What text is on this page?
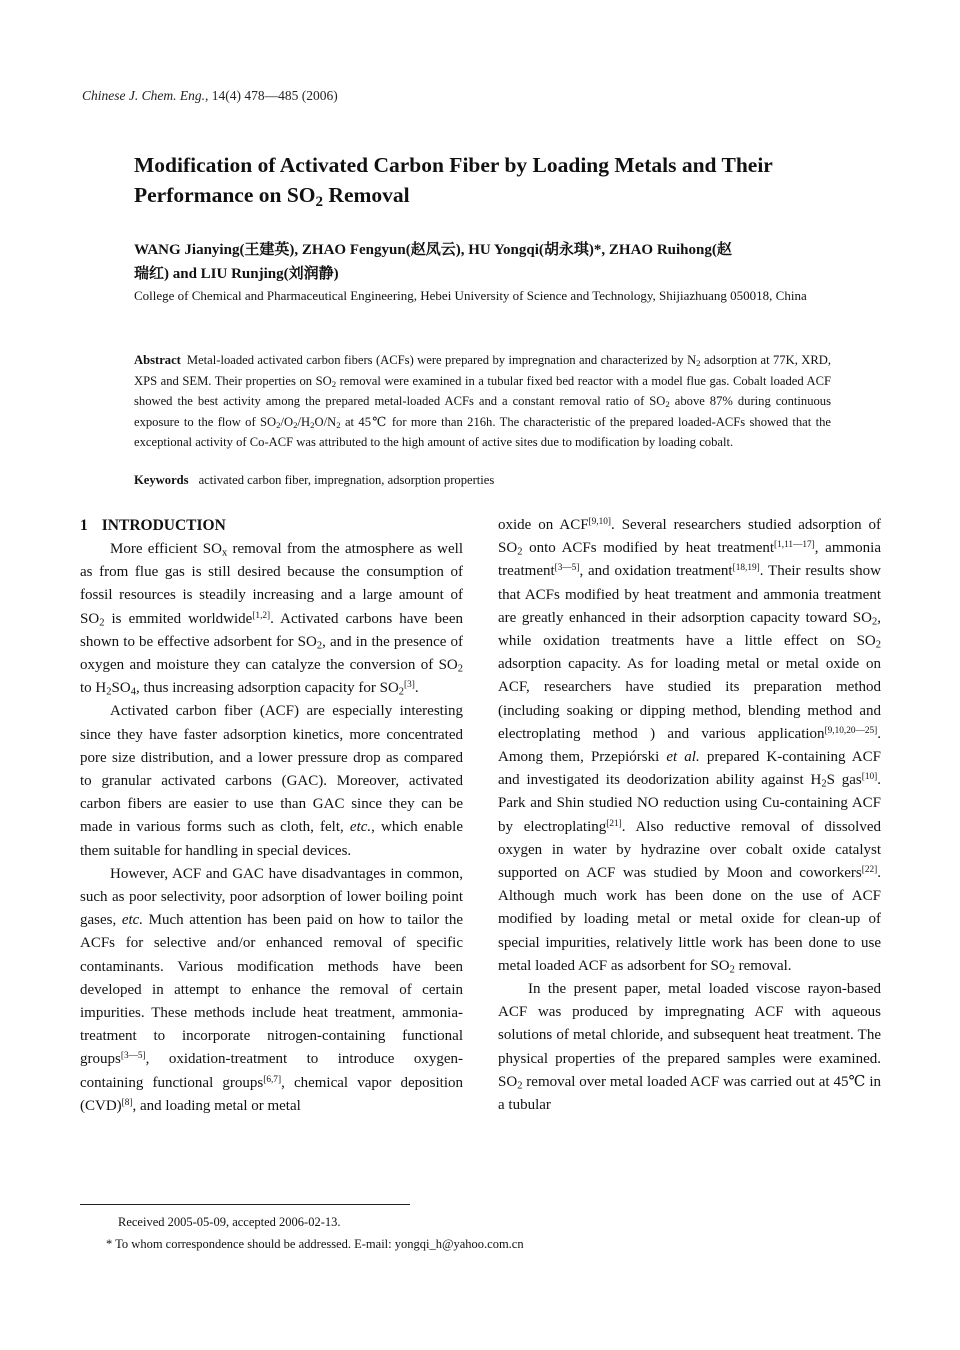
Chinese J. Chem. Eng., 14(4) 478—485 (2006)
Modification of Activated Carbon Fiber by Loading Metals and Their
Performance on $SO_2$ Removal
WANG Jianying(王建英), ZHAO Fengyun(赵凤云), HU Yongqi(胡永琪)*, ZHAO Ruihong(赵
瑞红) and LIU Runjing(刘润静)
College of Chemical and Pharmaceutical Engineering, Hebei University of Science and Technology, Shijiazhuang 050018, China
Abstract Metal-loaded activated carbon fibers (ACFs) were prepared by impregnation and characterized by $N_2$ adsorption at 77K, XRD, XPS and SEM. Their properties on $SO_2$ removal were examined in a tubular fixed bed reactor with a model flue gas. Cobalt loaded ACF showed the best activity among the prepared metal-loaded ACFs and a constant removal ratio of $SO_2$ above 87% during continuous exposure to the flow of $SO_2/O_2/H_2O/N_2$ at 45℃ for more than 216h. The characteristic of the prepared loaded-ACFs showed that the exceptional activity of Co-ACF was attributed to the high amount of active sites due to modification by loading cobalt.
Keywords activated carbon fiber, impregnation, adsorption properties
1 INTRODUCTION

More efficient $SO_x$ removal from the atmosphere as well as from flue gas is still desired because the consumption of fossil resources is steadily increasing and a large amount of $SO_2$ is emmited worldwide[1,2]. Activated carbons have been shown to be effective adsorbent for $SO_2$, and in the presence of oxygen and moisture they can catalyze the conversion of $SO_2$ to $H_2SO_4$, thus increasing adsorption capacity for $SO_2[3]$.

Activated carbon fiber (ACF) are especially interesting since they have faster adsorption kinetics, more concentrated pore size distribution, and a lower pressure drop as compared to granular activated carbons (GAC). Moreover, activated carbon fibers are easier to use than GAC since they can be made in various forms such as cloth, felt, etc., which enable them suitable for handling in special devices.

However, ACF and GAC have disadvantages in common, such as poor selectivity, poor adsorption of lower boiling point gases, etc. Much attention has been paid on how to tailor the ACFs for selective and/or enhanced removal of specific contaminants. Various modification methods have been developed in attempt to enhance the removal of certain impurities. These methods include heat treatment, ammonia-treatment to incorporate nitrogen-containing functional groups[3—5], oxidation-treatment to introduce oxygen-containing functional groups[6,7], chemical vapor deposition (CVD)[8], and loading metal or metal

oxide on ACF[9,10]. Several researchers studied adsorption of $SO_2$ onto ACFs modified by heat treatment[1,11—17], ammonia treatment[3—5], and oxidation treatment[18,19]. Their results show that ACFs modified by heat treatment and ammonia treatment are greatly enhanced in their adsorption capacity toward $SO_2$, while oxidation treatments have a little effect on $SO_2$ adsorption capacity. As for loading metal or metal oxide on ACF, researchers have studied its preparation method (including soaking or dipping method, blending method and electroplating method ) and various application[9,10,20—25]. Among them, Przepiórski et al. prepared K-containing ACF and investigated its deodorization ability against $H_2S$ gas[10]. Park and Shin studied NO reduction using Cu-containing ACF by electroplating[21]. Also reductive removal of dissolved oxygen in water by hydrazine over cobalt oxide catalyst supported on ACF was studied by Moon and coworkers[22]. Although much work has been done on the use of ACF modified by loading metal or metal oxide for clean-up of special impurities, relatively little work has been done to use metal loaded ACF as adsorbent for $SO_2$ removal.

In the present paper, metal loaded viscose rayon-based ACF was produced by impregnating ACF with aqueous solutions of metal chloride, and subsequent heat treatment. The physical properties of the prepared samples were examined. $SO_2$ removal over metal loaded ACF was carried out at 45℃ in a tubular

Received 2005-05-09, accepted 2006-02-13.
* To whom correspondence should be addressed. E-mail: yongqi_h@yahoo.com.cn
